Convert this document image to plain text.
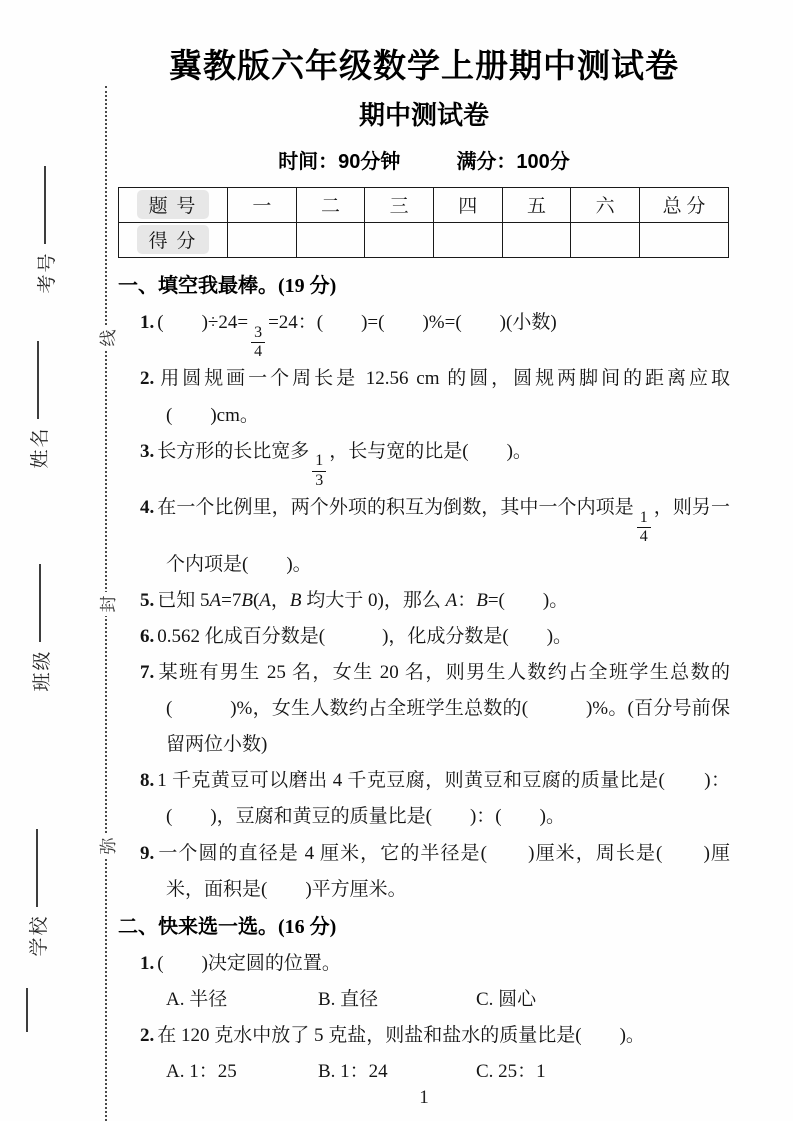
线
封
弥
考号
姓名
班级
学校
冀教版六年级数学上册期中测试卷
期中测试卷
时间：90分钟	满分：100分
题 号	一	二	三	四	五	六	总 分
得 分							
一、填空我最棒。(19 分)
1. (　　)÷24=
$\frac{3}{4}$
=24：(　　)=(　　)%=(　　)(小数)
2. 用圆规画一个周长是 12.56 cm 的圆，圆规两脚间的距离应取(　　)cm。
3. 长方形的长比宽多
$\frac{1}{3}$
，长与宽的比是(　　)。
4. 在一个比例里，两个外项的积互为倒数，其中一个内项是
$\frac{1}{4}$
，则另一个内项是(　　)。
5. 已知 5A=7B(A，B 均大于 0)，那么 A：B=(　　)。
6. 0.562 化成百分数是(　　　)，化成分数是(　　)。
7. 某班有男生 25 名，女生 20 名，则男生人数约占全班学生总数的(　　　)%，女生人数约占全班学生总数的(　　　)%。(百分号前保留两位小数)
8. 1 千克黄豆可以磨出 4 千克豆腐，则黄豆和豆腐的质量比是(　　)：(　　)，豆腐和黄豆的质量比是(　　)：(　　)。
9. 一个圆的直径是 4 厘米，它的半径是(　　)厘米，周长是(　　)厘米，面积是(　　)平方厘米。
二、快来选一选。(16 分)
1. (　　)决定圆的位置。
A. 半径	B. 直径	C. 圆心
2. 在 120 克水中放了 5 克盐，则盐和盐水的质量比是(　　)。
A. 1：25	B. 1：24	C. 25：1
1
